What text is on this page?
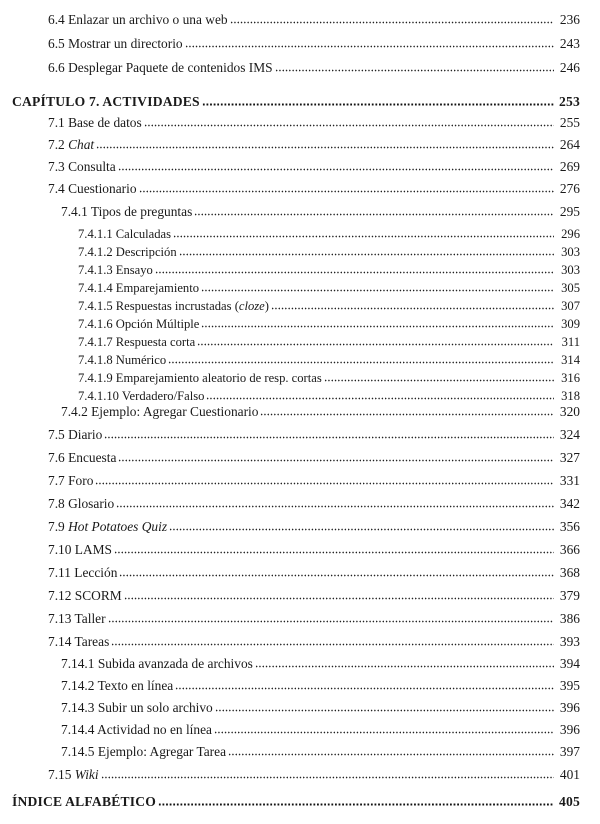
6.4 Enlazar un archivo o una web	236
6.5 Mostrar un directorio	243
6.6 Desplegar Paquete de contenidos IMS	246
CAPÍTULO 7. ACTIVIDADES	253
7.1 Base de datos	255
7.2 Chat	264
7.3 Consulta	269
7.4 Cuestionario	276
7.4.1 Tipos de preguntas	295
7.4.1.1 Calculadas	296
7.4.1.2 Descripción	303
7.4.1.3 Ensayo	303
7.4.1.4 Emparejamiento	305
7.4.1.5 Respuestas incrustadas (cloze)	307
7.4.1.6 Opción Múltiple	309
7.4.1.7 Respuesta corta	311
7.4.1.8 Numérico	314
7.4.1.9 Emparejamiento aleatorio de resp. cortas	316
7.4.1.10 Verdadero/Falso	318
7.4.2 Ejemplo: Agregar Cuestionario	320
7.5 Diario	324
7.6 Encuesta	327
7.7 Foro	331
7.8 Glosario	342
7.9 Hot Potatoes Quiz	356
7.10 LAMS	366
7.11 Lección	368
7.12 SCORM	379
7.13 Taller	386
7.14 Tareas	393
7.14.1 Subida avanzada de archivos	394
7.14.2 Texto en línea	395
7.14.3 Subir un solo archivo	396
7.14.4 Actividad no en línea	396
7.14.5 Ejemplo: Agregar Tarea	397
7.15 Wiki	401
ÍNDICE ALFABÉTICO	405
